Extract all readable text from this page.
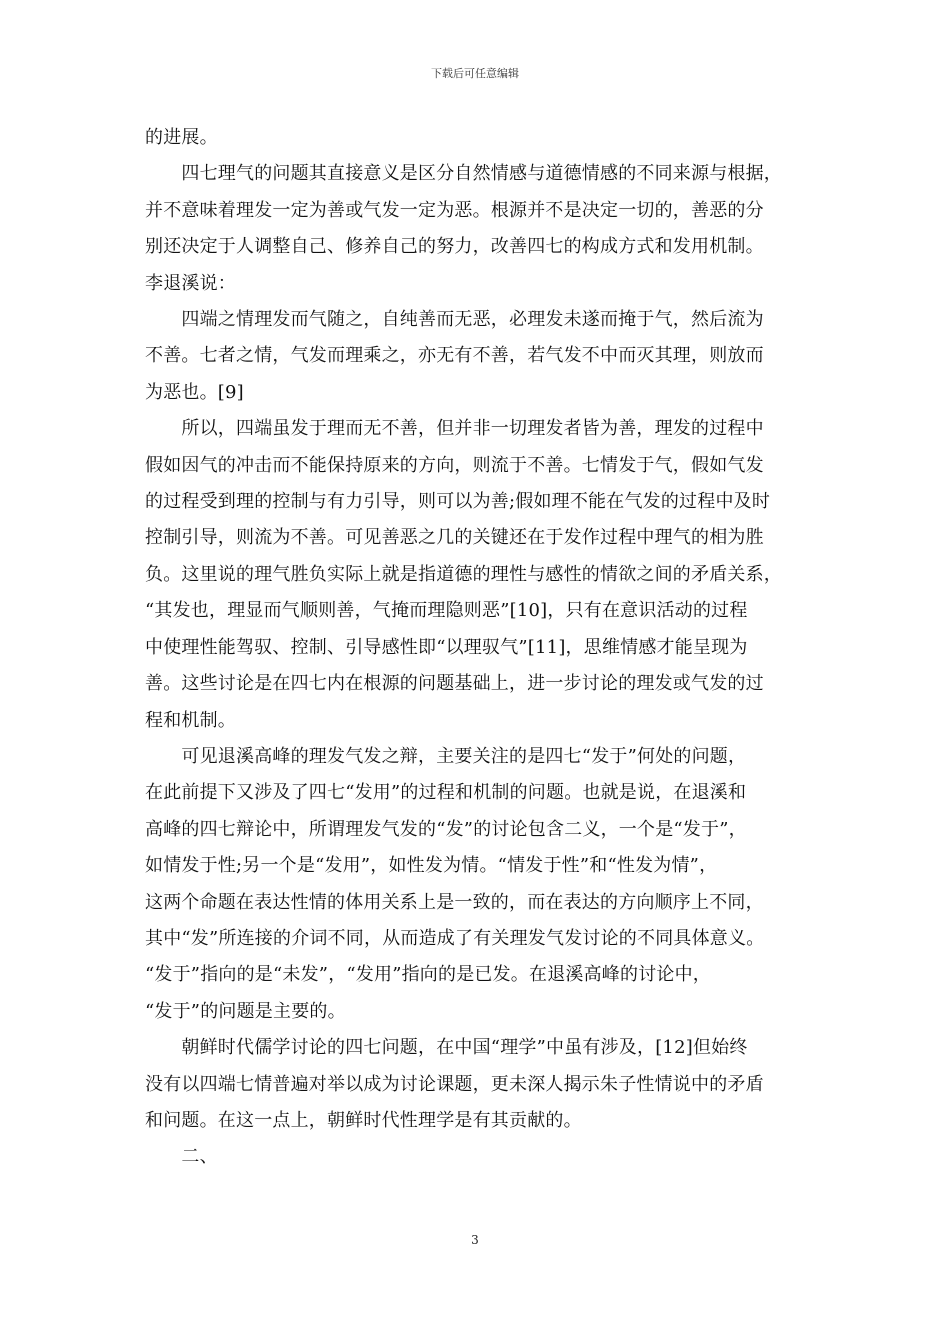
下载后可任意编辑
的进展。
　　四七理气的问题其直接意义是区分自然情感与道德情感的不同来源与根据，
并不意味着理发一定为善或气发一定为恶。根源并不是决定一切的，善恶的分
别还决定于人调整自己、修养自己的努力，改善四七的构成方式和发用机制。
李退溪说：
　　四端之情理发而气随之，自纯善而无恶，必理发未遂而掩于气，然后流为
不善。七者之情，气发而理乘之，亦无有不善，若气发不中而灭其理，则放而
为恶也。[9]
　　所以，四端虽发于理而无不善，但并非一切理发者皆为善，理发的过程中
假如因气的冲击而不能保持原来的方向，则流于不善。七情发于气，假如气发
的过程受到理的控制与有力引导，则可以为善;假如理不能在气发的过程中及时
控制引导，则流为不善。可见善恶之几的关键还在于发作过程中理气的相为胜
负。这里说的理气胜负实际上就是指道德的理性与感性的情欲之间的矛盾关系，
“其发也，理显而气顺则善，气掩而理隐则恶”[10]，只有在意识活动的过程
中使理性能驾驭、控制、引导感性即“以理驭气”[11]，思维情感才能呈现为
善。这些讨论是在四七内在根源的问题基础上，进一步讨论的理发或气发的过
程和机制。
　　可见退溪高峰的理发气发之辩，主要关注的是四七“发于”何处的问题，
在此前提下又涉及了四七“发用”的过程和机制的问题。也就是说，在退溪和
高峰的四七辩论中，所谓理发气发的“发”的讨论包含二义，一个是“发于”，
如情发于性;另一个是“发用”，如性发为情。“情发于性”和“性发为情”，
这两个命题在表达性情的体用关系上是一致的，而在表达的方向顺序上不同，
其中“发”所连接的介词不同，从而造成了有关理发气发讨论的不同具体意义。
“发于”指向的是“未发”，“发用”指向的是已发。在退溪高峰的讨论中，
“发于”的问题是主要的。
　　朝鲜时代儒学讨论的四七问题，在中国“理学”中虽有涉及，[12]但始终
没有以四端七情普遍对举以成为讨论课题，更未深人揭示朱子性情说中的矛盾
和问题。在这一点上，朝鲜时代性理学是有其贡献的。
　　二、
3
